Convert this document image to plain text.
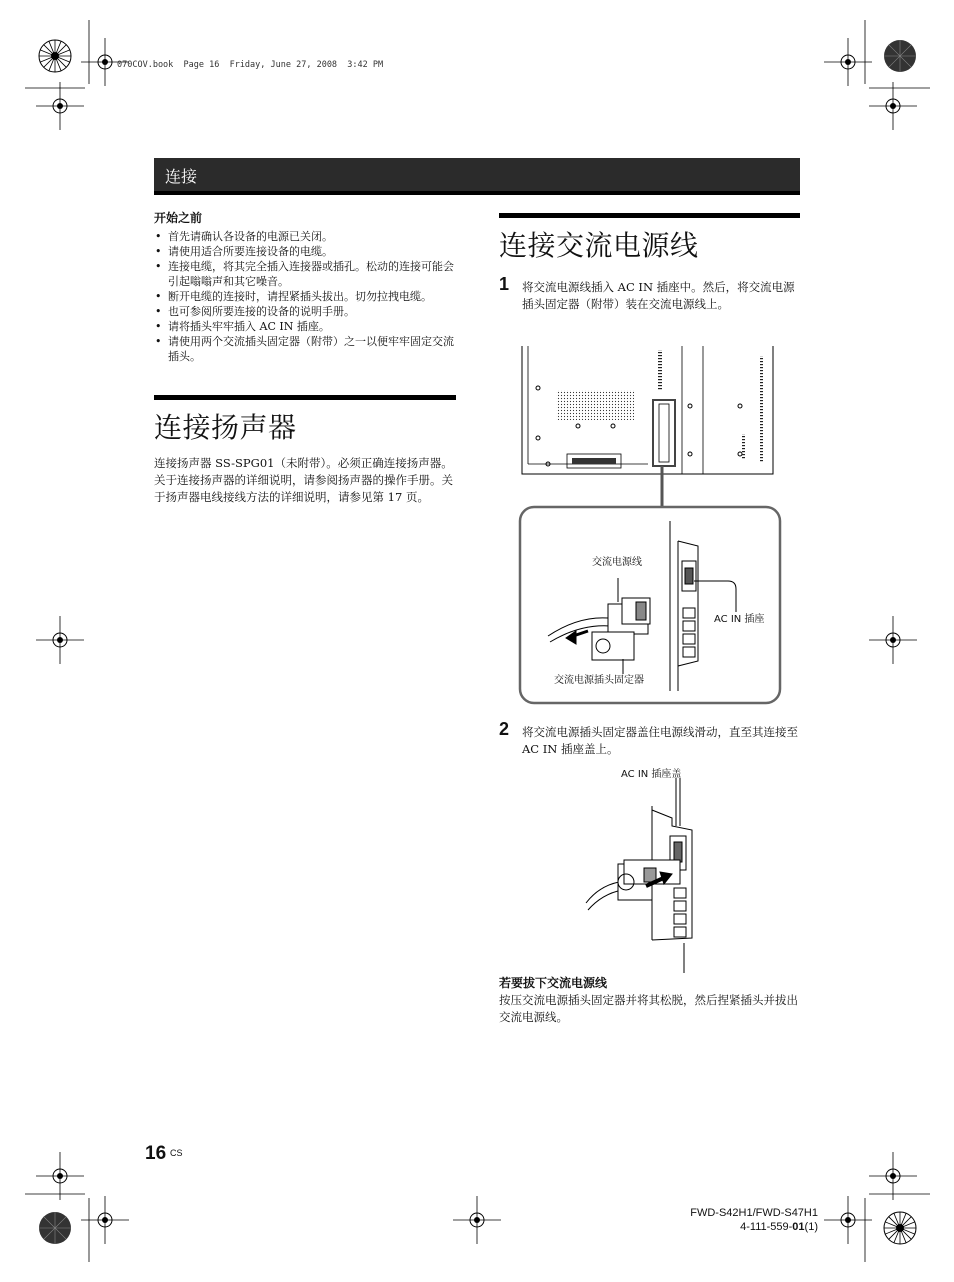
070COV.book  Page 16  Friday, June 27, 2008  3:42 PM
连接
开始之前
• 首先请确认各设备的电源已关闭。
• 请使用适合所要连接设备的电缆。
• 连接电缆，将其完全插入连接器或插孔。松动的连接可能会引起嗡嗡声和其它噪音。
• 断开电缆的连接时，请捏紧插头拔出。切勿拉拽电缆。
• 也可参阅所要连接的设备的说明手册。
• 请将插头牢牢插入 AC IN 插座。
• 请使用两个交流插头固定器（附带）之一以便牢牢固定交流插头。
连接扬声器
连接扬声器 SS-SPG01（未附带）。必须正确连接扬声器。关于连接扬声器的详细说明，请参阅扬声器的操作手册。关于扬声器电线接线方法的详细说明，请参见第 17 页。
连接交流电源线
1 将交流电源线插入 AC IN 插座中。然后，将交流电源插头固定器（附带）装在交流电源线上。
交流电源线
AC IN 插座
交流电源插头固定器
2 将交流电源插头固定器盖住电源线滑动，直至其连接至 AC IN 插座盖上。
AC IN 插座盖
若要拔下交流电源线
按压交流电源插头固定器并将其松脱，然后捏紧插头并拔出交流电源线。
16 CS
FWD-S42H1/FWD-S47H1
4-111-559-01(1)
